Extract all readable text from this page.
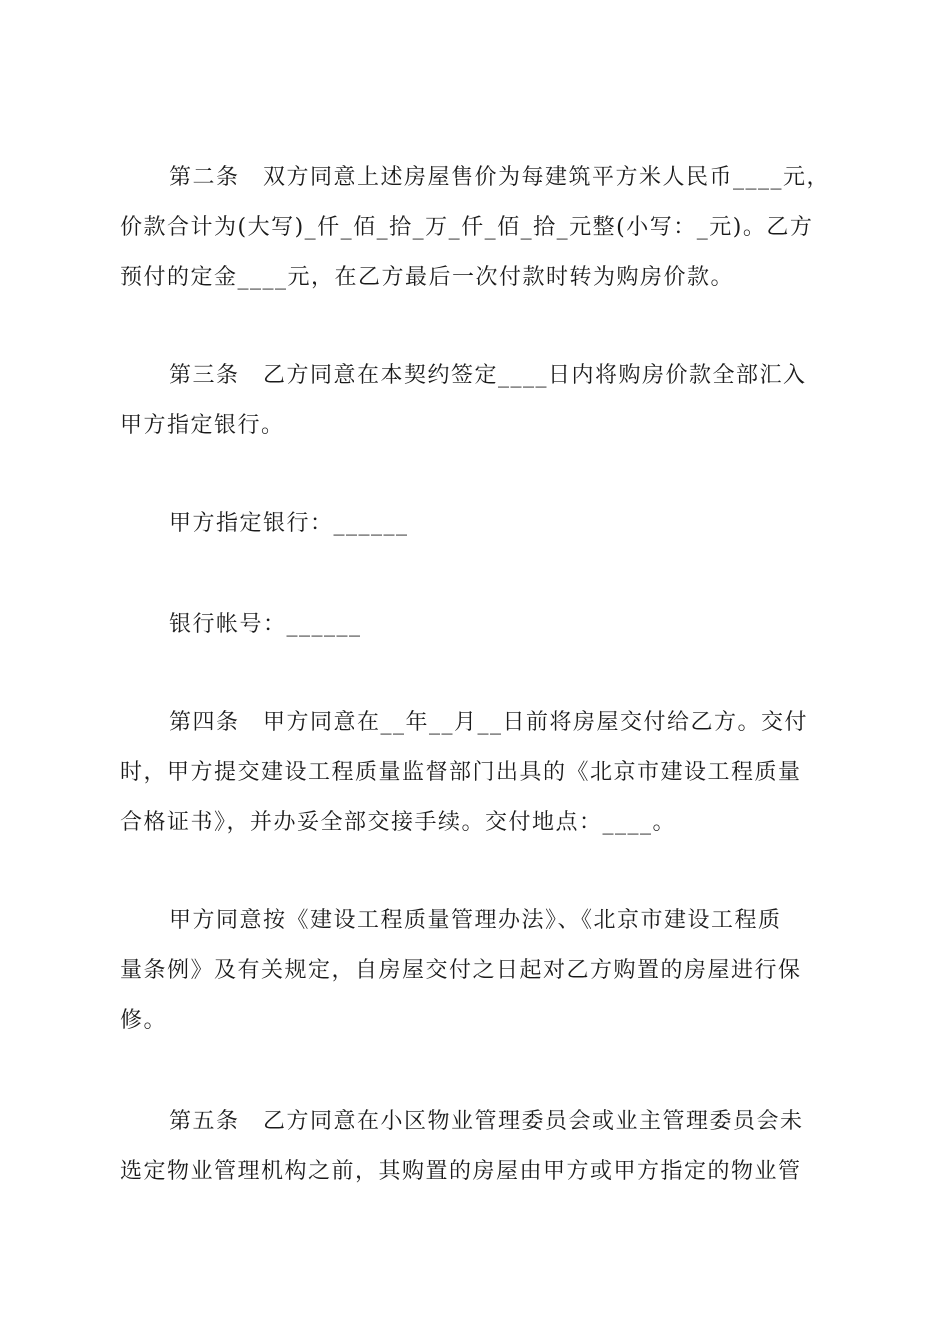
第二条　双方同意上述房屋售价为每建筑平方米人民币____元，
价款合计为(大写)_仟_佰_拾_万_仟_佰_拾_元整(小写：_元)。乙方
预付的定金____元，在乙方最后一次付款时转为购房价款。
第三条　乙方同意在本契约签定____日内将购房价款全部汇入
甲方指定银行。
甲方指定银行：______
银行帐号：______
第四条　甲方同意在__年__月__日前将房屋交付给乙方。交付
时，甲方提交建设工程质量监督部门出具的《北京市建设工程质量
合格证书》，并办妥全部交接手续。交付地点：____。
甲方同意按《建设工程质量管理办法》、《北京市建设工程质
量条例》及有关规定，自房屋交付之日起对乙方购置的房屋进行保
修。
第五条　乙方同意在小区物业管理委员会或业主管理委员会未
选定物业管理机构之前，其购置的房屋由甲方或甲方指定的物业管
